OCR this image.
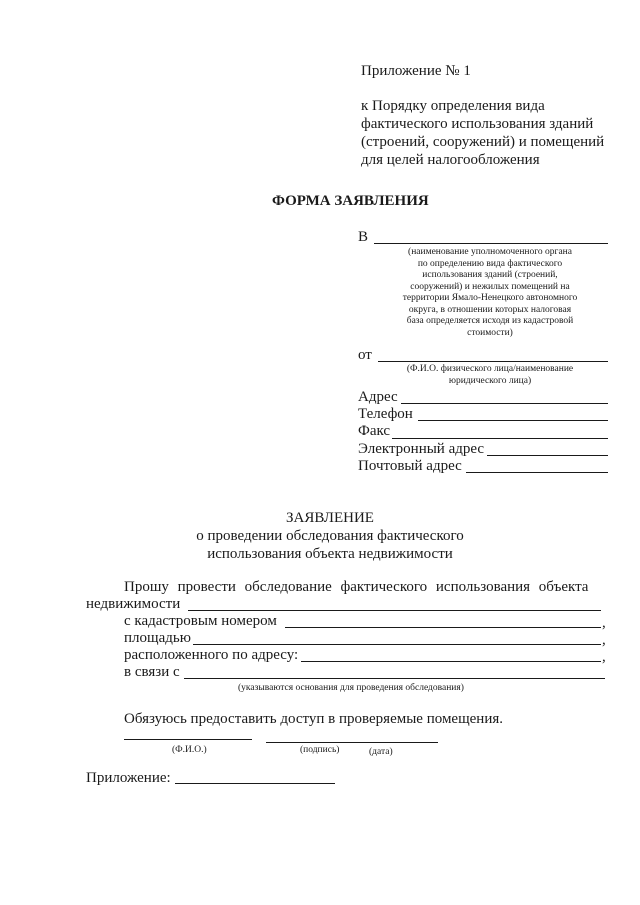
Приложение № 1
к Порядку определения вида
фактического использования зданий
(строений, сооружений) и помещений
для целей налогообложения
ФОРМА ЗАЯВЛЕНИЯ
В
(наименование уполномоченного органа
по определению вида фактического
использования зданий (строений,
сооружений) и нежилых помещений на
территории Ямало-Ненецкого автономного
округа, в отношении которых налоговая
база определяется исходя из кадастровой
стоимости)
от
(Ф.И.О. физического лица/наименование
юридического лица)
Адрес
Телефон
Факс
Электронный адрес
Почтовый адрес
ЗАЯВЛЕНИЕ
о проведении обследования фактического
использования объекта недвижимости
Прошу провести обследование фактического использования объекта
недвижимости
с кадастровым номером	,
площадью	,
расположенного по адресу:	,
в связи с
(указываются основания для проведения обследования)
Обязуюсь предоставить доступ в проверяемые помещения.
(Ф.И.О.)	(подпись)	(дата)
Приложение:
